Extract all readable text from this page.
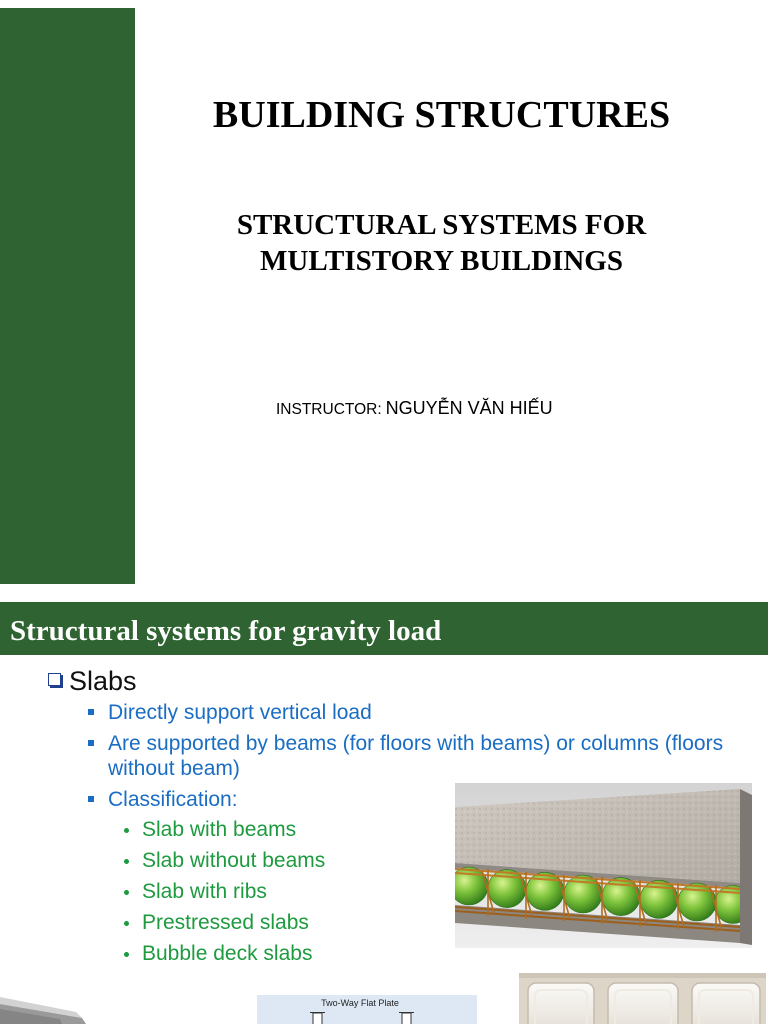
BUILDING STRUCTURES
STRUCTURAL SYSTEMS FOR
MULTISTORY BUILDINGS
INSTRUCTOR: NGUYỄN VĂN HIẾU
Structural systems for gravity load
Slabs
Directly support vertical load
Are supported by beams (for floors with beams) or columns (floors without beam)
Classification:
Slab with beams
Slab without beams
Slab with ribs
Prestressed slabs
Bubble deck slabs
Two-Way Flat Plate
